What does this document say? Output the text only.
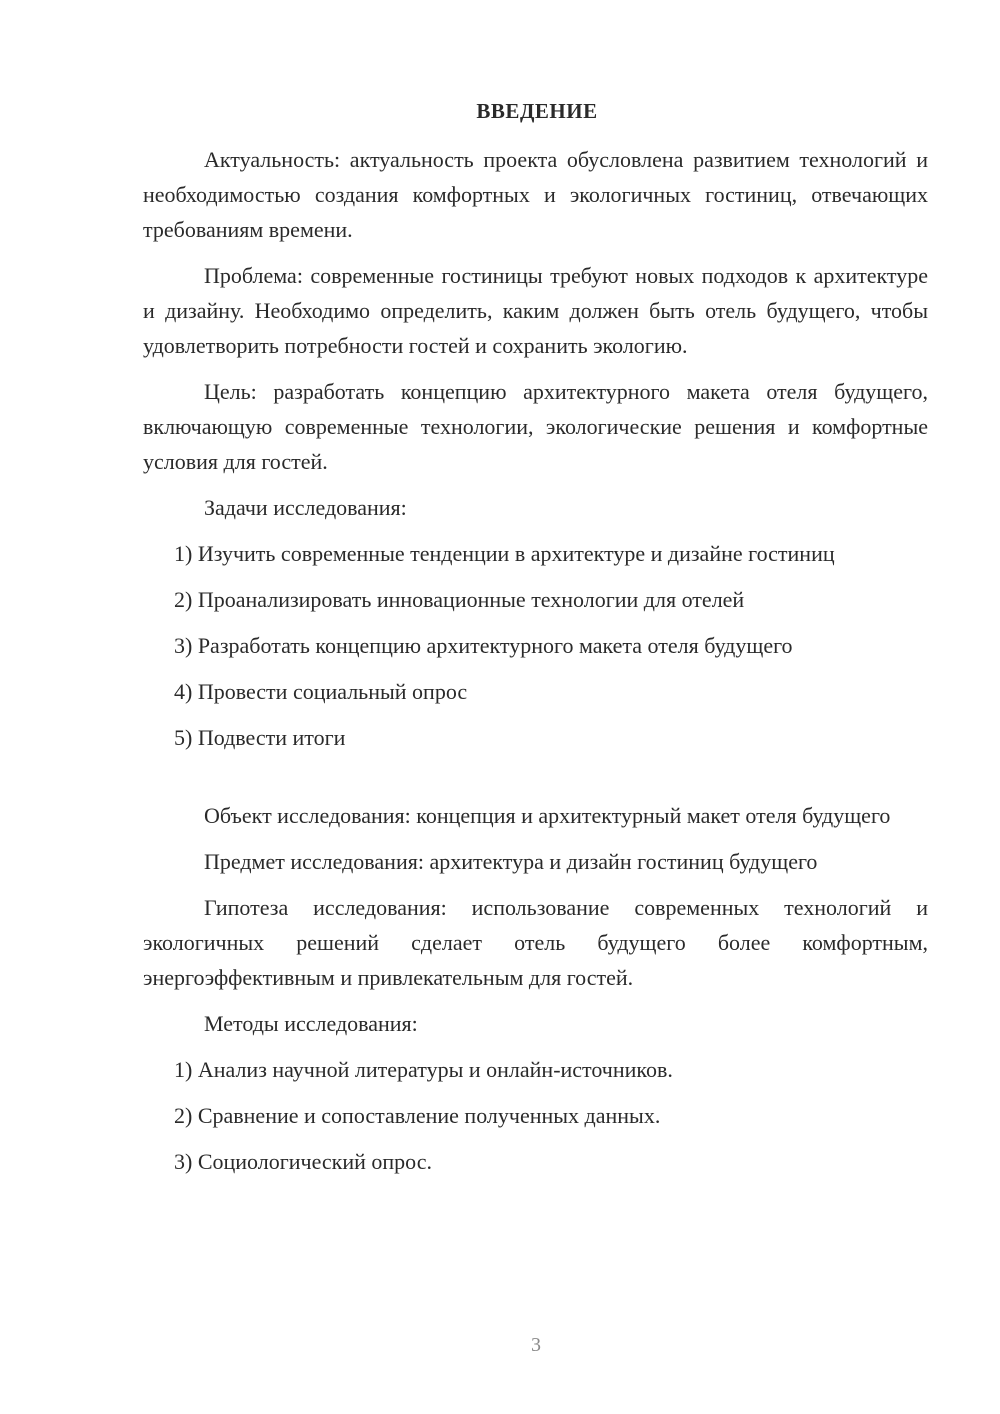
ВВЕДЕНИЕ

Актуальность: актуальность проекта обусловлена развитием технологий и необходимостью создания комфортных и экологичных гостиниц, отвечающих требованиям времени.

Проблема: современные гостиницы требуют новых подходов к архитектуре и дизайну. Необходимо определить, каким должен быть отель будущего, чтобы удовлетворить потребности гостей и сохранить экологию.

Цель: разработать концепцию архитектурного макета отеля будущего, включающую современные технологии, экологические решения и комфортные условия для гостей.

Задачи исследования:

1) Изучить современные тенденции в архитектуре и дизайне гостиниц

2) Проанализировать инновационные технологии для отелей

3) Разработать концепцию архитектурного макета отеля будущего

4) Провести социальный опрос

5) Подвести итоги

Объект исследования: концепция и архитектурный макет отеля будущего

Предмет исследования: архитектура и дизайн гостиниц будущего

Гипотеза исследования: использование современных технологий и экологичных решений сделает отель будущего более комфортным, энергоэффективным и привлекательным для гостей.

Методы исследования:

1) Анализ научной литературы и онлайн-источников.

2) Сравнение и сопоставление полученных данных.

3) Социологический опрос.

3
